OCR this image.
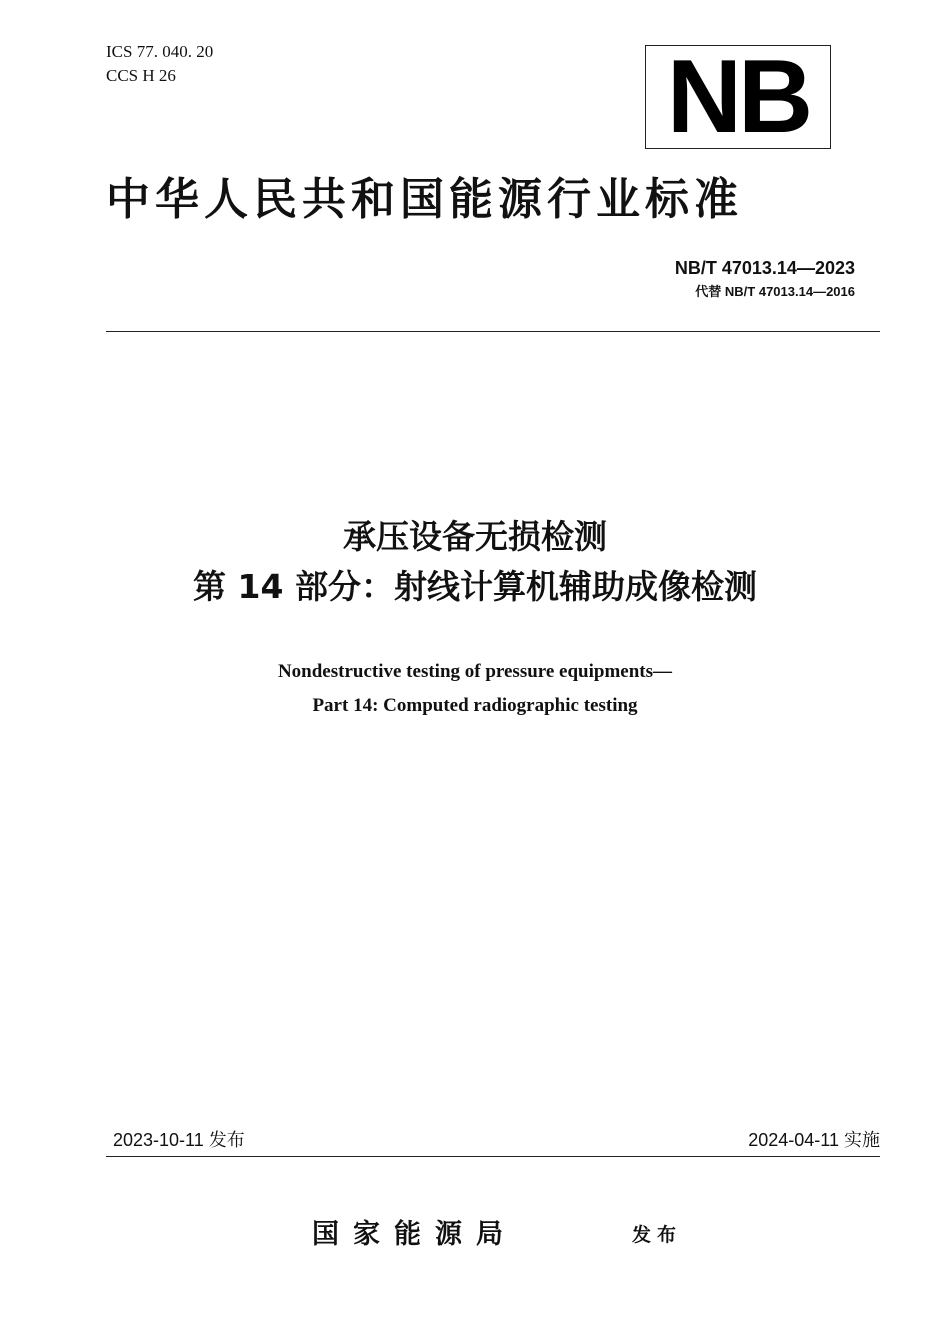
ICS 77. 040. 20
CCS H 26	NB
中华人民共和国能源行业标准
NB/T 47013.14—2023
代替 NB/T 47013.14—2016
承压设备无损检测
第 14 部分：射线计算机辅助成像检测
Nondestructive testing of pressure equipments—
Part 14: Computed radiographic testing
2023-10-11 发布	2024-04-11 实施
国家能源局	发布
